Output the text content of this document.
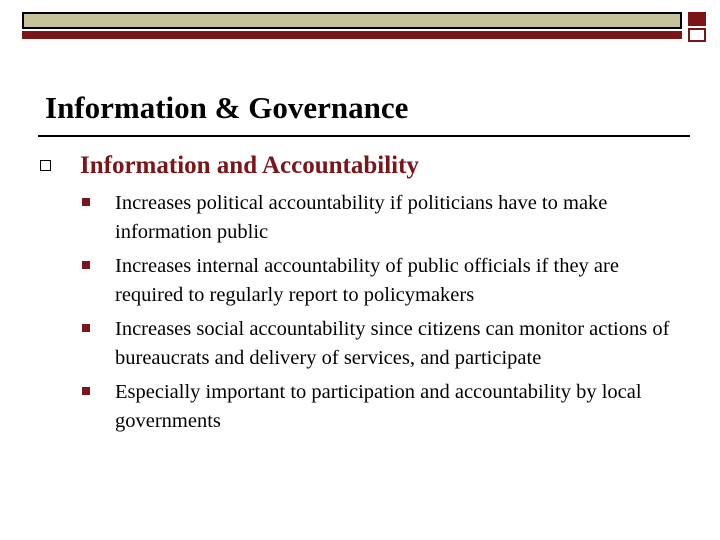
Information & Governance
Information and Accountability
Increases political accountability if politicians have to make information public
Increases internal accountability of public officials if they are required to regularly report to policymakers
Increases social accountability since citizens can monitor actions of bureaucrats and delivery of services, and participate
Especially important to participation and accountability by local governments
